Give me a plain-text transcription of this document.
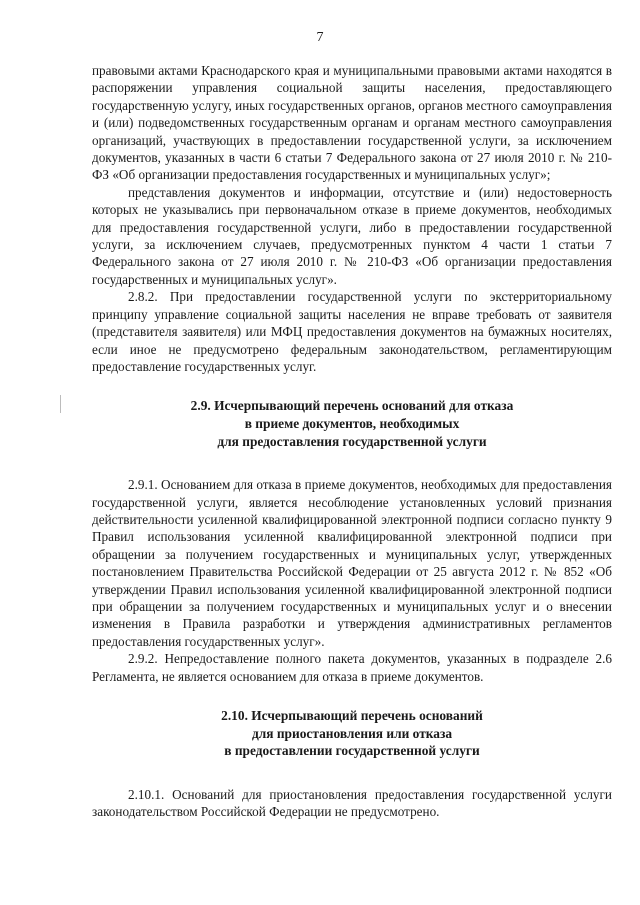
7

правовыми актами Краснодарского края и муниципальными правовыми актами находятся в распоряжении управления социальной защиты населения, предоставляющего государственную услугу, иных государственных органов, органов местного самоуправления и (или) подведомственных государственным органам и органам местного самоуправления организаций, участвующих в предоставлении государственной услуги, за исключением документов, указанных в части 6 статьи 7 Федерального закона от 27 июля 2010 г. № 210-ФЗ «Об организации предоставления государственных и муниципальных услуг»;

представления документов и информации, отсутствие и (или) недостоверность которых не указывались при первоначальном отказе в приеме документов, необходимых для предоставления государственной услуги, либо в предоставлении государственной услуги, за исключением случаев, предусмотренных пунктом 4 части 1 статьи 7 Федерального закона от 27 июля 2010 г. № 210-ФЗ «Об организации предоставления государственных и муниципальных услуг».

2.8.2. При предоставлении государственной услуги по экстерриториальному принципу управление социальной защиты населения не вправе требовать от заявителя (представителя заявителя) или МФЦ предоставления документов на бумажных носителях, если иное не предусмотрено федеральным законодательством, регламентирующим предоставление государственных услуг.

2.9. Исчерпывающий перечень оснований для отказа
в приеме документов, необходимых
для предоставления государственной услуги

2.9.1. Основанием для отказа в приеме документов, необходимых для предоставления государственной услуги, является несоблюдение установленных условий признания действительности усиленной квалифицированной электронной подписи согласно пункту 9 Правил использования усиленной квалифицированной электронной подписи при обращении за получением государственных и муниципальных услуг, утвержденных постановлением Правительства Российской Федерации от 25 августа 2012 г. № 852 «Об утверждении Правил использования усиленной квалифицированной электронной подписи при обращении за получением государственных и муниципальных услуг и о внесении изменения в Правила разработки и утверждения административных регламентов предоставления государственных услуг».

2.9.2. Непредоставление полного пакета документов, указанных в подразделе 2.6 Регламента, не является основанием для отказа в приеме документов.

2.10. Исчерпывающий перечень оснований
для приостановления или отказа
в предоставлении государственной услуги

2.10.1. Оснований для приостановления предоставления государственной услуги законодательством Российской Федерации не предусмотрено.
